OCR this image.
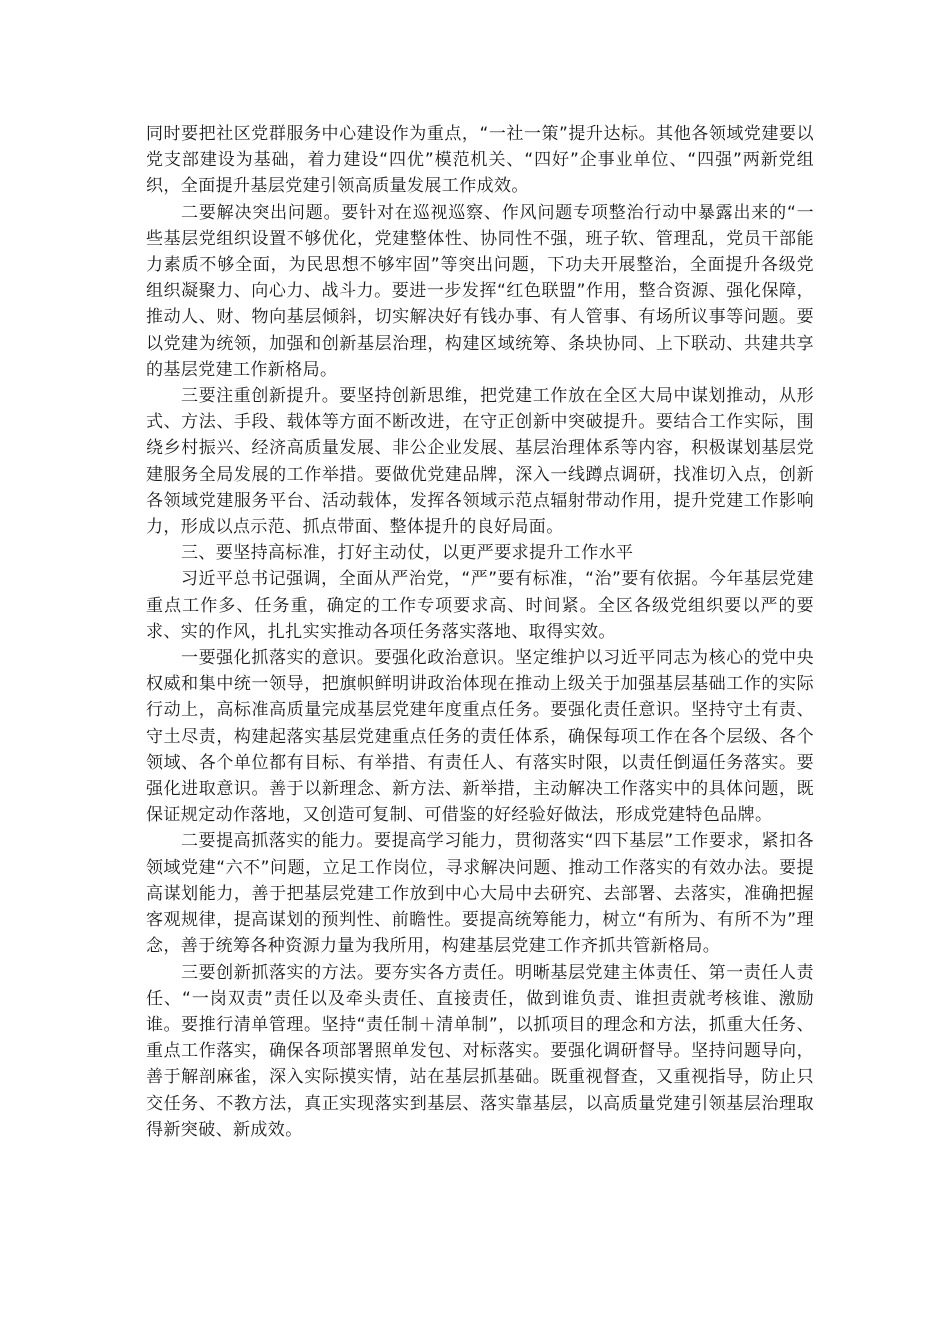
同时要把社区党群服务中心建设作为重点，“一社一策”提升达标。其他各领域党建要以党支部建设为基础，着力建设“四优”模范机关、“四好”企事业单位、“四强”两新党组织，全面提升基层党建引领高质量发展工作成效。

二要解决突出问题。要针对在巡视巡察、作风问题专项整治行动中暴露出来的“一些基层党组织设置不够优化，党建整体性、协同性不强，班子软、管理乱，党员干部能力素质不够全面，为民思想不够牢固”等突出问题，下功夫开展整治，全面提升各级党组织凝聚力、向心力、战斗力。要进一步发挥“红色联盟”作用，整合资源、强化保障，推动人、财、物向基层倾斜，切实解决好有钱办事、有人管事、有场所议事等问题。要以党建为统领，加强和创新基层治理，构建区域统筹、条块协同、上下联动、共建共享的基层党建工作新格局。

三要注重创新提升。要坚持创新思维，把党建工作放在全区大局中谋划推动，从形式、方法、手段、载体等方面不断改进，在守正创新中突破提升。要结合工作实际，围绕乡村振兴、经济高质量发展、非公企业发展、基层治理体系等内容，积极谋划基层党建服务全局发展的工作举措。要做优党建品牌，深入一线蹲点调研，找准切入点，创新各领域党建服务平台、活动载体，发挥各领域示范点辐射带动作用，提升党建工作影响力，形成以点示范、抓点带面、整体提升的良好局面。

三、要坚持高标准，打好主动仗，以更严要求提升工作水平

习近平总书记强调，全面从严治党，“严”要有标准，“治”要有依据。今年基层党建重点工作多、任务重，确定的工作专项要求高、时间紧。全区各级党组织要以严的要求、实的作风，扎扎实实推动各项任务落实落地、取得实效。

一要强化抓落实的意识。要强化政治意识。坚定维护以习近平同志为核心的党中央权威和集中统一领导，把旗帜鲜明讲政治体现在推动上级关于加强基层基础工作的实际行动上，高标准高质量完成基层党建年度重点任务。要强化责任意识。坚持守土有责、守土尽责，构建起落实基层党建重点任务的责任体系，确保每项工作在各个层级、各个领域、各个单位都有目标、有举措、有责任人、有落实时限，以责任倒逼任务落实。要强化进取意识。善于以新理念、新方法、新举措，主动解决工作落实中的具体问题，既保证规定动作落地，又创造可复制、可借鉴的好经验好做法，形成党建特色品牌。

二要提高抓落实的能力。要提高学习能力，贯彻落实“四下基层”工作要求，紧扣各领域党建“六不”问题，立足工作岗位，寻求解决问题、推动工作落实的有效办法。要提高谋划能力，善于把基层党建工作放到中心大局中去研究、去部署、去落实，准确把握客观规律，提高谋划的预判性、前瞻性。要提高统筹能力，树立“有所为、有所不为”理念，善于统筹各种资源力量为我所用，构建基层党建工作齐抓共管新格局。

三要创新抓落实的方法。要夯实各方责任。明晰基层党建主体责任、第一责任人责任、“一岗双责”责任以及牵头责任、直接责任，做到谁负责、谁担责就考核谁、激励谁。要推行清单管理。坚持“责任制＋清单制”，以抓项目的理念和方法，抓重大任务、重点工作落实，确保各项部署照单发包、对标落实。要强化调研督导。坚持问题导向，善于解剖麻雀，深入实际摸实情，站在基层抓基础。既重视督查，又重视指导，防止只交任务、不教方法，真正实现落实到基层、落实靠基层，以高质量党建引领基层治理取得新突破、新成效。
